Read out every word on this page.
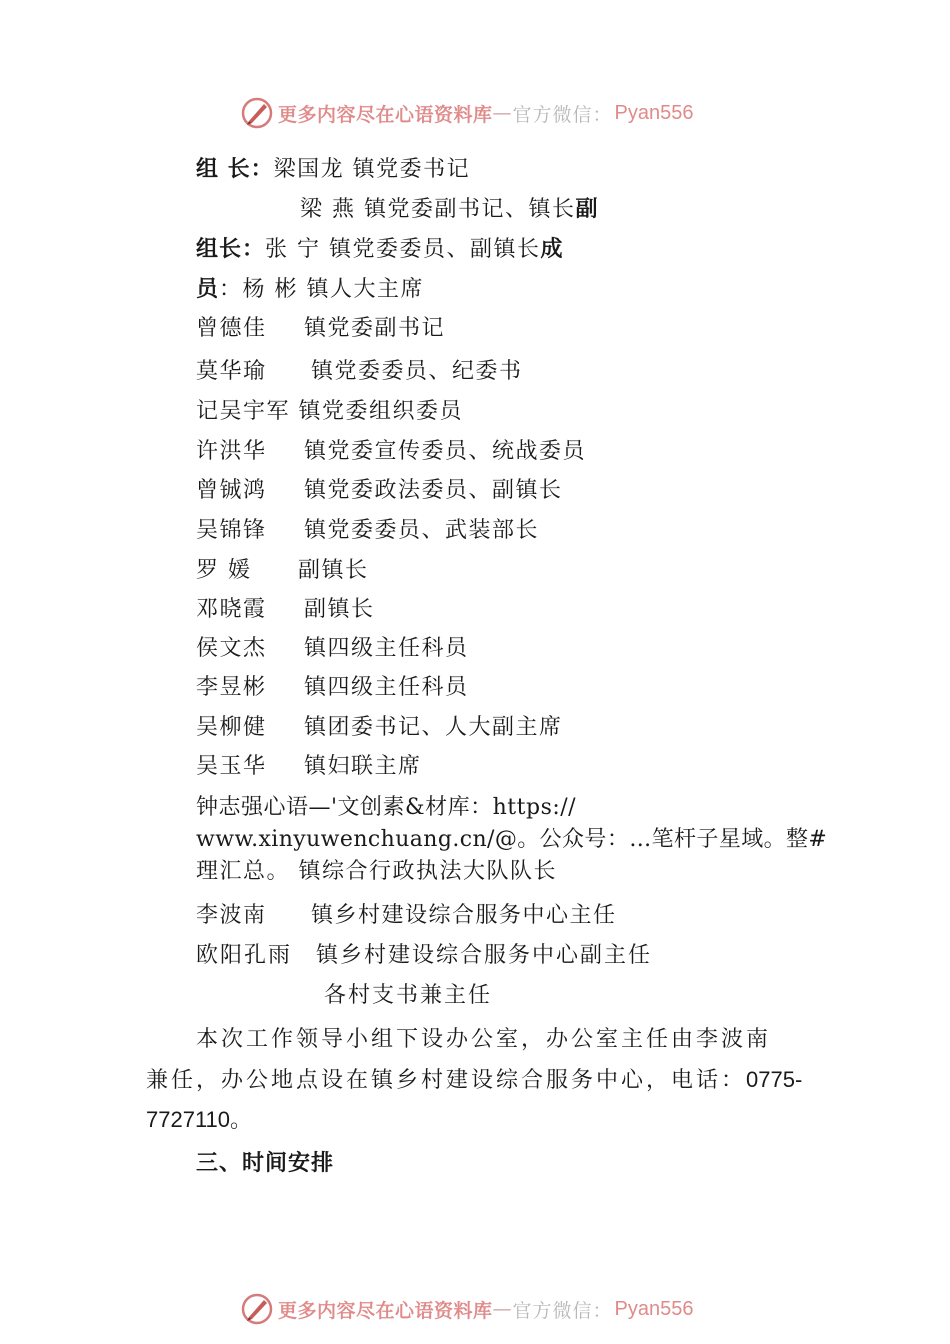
更多内容尽在心语资料库 — 官方微信： Pyan556
组 长：梁国龙 镇党委书记
梁 燕 镇党委副书记、镇长副
组长：张 宁 镇党委委员、副镇长成
员：杨 彬 镇人大主席
曾德佳 镇党委副书记
莫华瑜 镇党委委员、纪委书
记吴宇军 镇党委组织委员
许洪华 镇党委宣传委员、统战委员
曾铖鸿 镇党委政法委员、副镇长
吴锦锋 镇党委委员、武装部长
罗 媛 副镇长
邓晓霞 副镇长
侯文杰 镇四级主任科员
李昱彬 镇四级主任科员
吴柳健 镇团委书记、人大副主席
吴玉华 镇妇联主席
钟志强心语—'文创素&材库：https://
www.xinyuwenchuang.cn/@。公众号：…笔杆子星域。整#
理汇总。 镇综合行政执法大队队长
李波南 镇乡村建设综合服务中心主任
欧阳孔雨 镇乡村建设综合服务中心副主任
各村支书兼主任
本次工作领导小组下设办公室，办公室主任由李波南
兼任，办公地点设在镇乡村建设综合服务中心，电话：0775-
7727110。
三、时间安排
更多内容尽在心语资料库 — 官方微信： Pyan556
